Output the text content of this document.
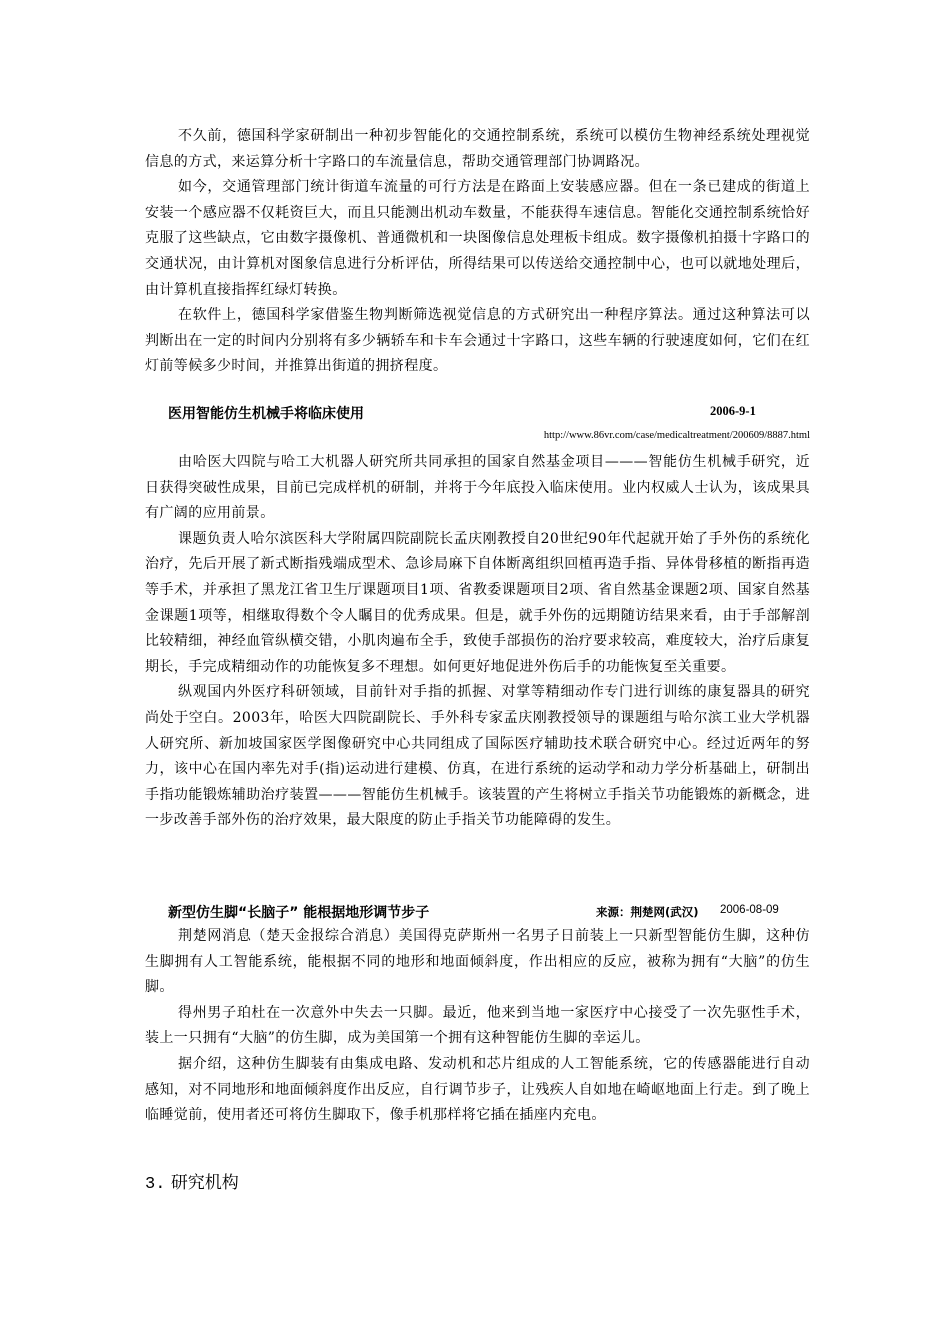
不久前，德国科学家研制出一种初步智能化的交通控制系统，系统可以模仿生物神经系统处理视觉信息的方式，来运算分析十字路口的车流量信息，帮助交通管理部门协调路况。

如今，交通管理部门统计街道车流量的可行方法是在路面上安装感应器。但在一条已建成的街道上安装一个感应器不仅耗资巨大，而且只能测出机动车数量，不能获得车速信息。智能化交通控制系统恰好克服了这些缺点，它由数字摄像机、普通微机和一块图像信息处理板卡组成。数字摄像机拍摄十字路口的交通状况，由计算机对图象信息进行分析评估，所得结果可以传送给交通控制中心，也可以就地处理后，由计算机直接指挥红绿灯转换。

在软件上，德国科学家借鉴生物判断筛选视觉信息的方式研究出一种程序算法。通过这种算法可以判断出在一定的时间内分别将有多少辆轿车和卡车会通过十字路口，这些车辆的行驶速度如何，它们在红灯前等候多少时间，并推算出街道的拥挤程度。

医用智能仿生机械手将临床使用	2006-9-1
http://www.86vr.com/case/medicaltreatment/200609/8887.html

由哈医大四院与哈工大机器人研究所共同承担的国家自然基金项目———智能仿生机械手研究，近日获得突破性成果，目前已完成样机的研制，并将于今年底投入临床使用。业内权威人士认为，该成果具有广阔的应用前景。

课题负责人哈尔滨医科大学附属四院副院长孟庆刚教授自20世纪90年代起就开始了手外伤的系统化治疗，先后开展了新式断指残端成型术、急诊局麻下自体断离组织回植再造手指、异体骨移植的断指再造等手术，并承担了黑龙江省卫生厅课题项目1项、省教委课题项目2项、省自然基金课题2项、国家自然基金课题1项等，相继取得数个令人瞩目的优秀成果。但是，就手外伤的远期随访结果来看，由于手部解剖比较精细，神经血管纵横交错，小肌肉遍布全手，致使手部损伤的治疗要求较高，难度较大，治疗后康复期长，手完成精细动作的功能恢复多不理想。如何更好地促进外伤后手的功能恢复至关重要。

纵观国内外医疗科研领域，目前针对手指的抓握、对掌等精细动作专门进行训练的康复器具的研究尚处于空白。2003年，哈医大四院副院长、手外科专家孟庆刚教授领导的课题组与哈尔滨工业大学机器人研究所、新加坡国家医学图像研究中心共同组成了国际医疗辅助技术联合研究中心。经过近两年的努力，该中心在国内率先对手(指)运动进行建模、仿真，在进行系统的运动学和动力学分析基础上，研制出手指功能锻炼辅助治疗装置———智能仿生机械手。该装置的产生将树立手指关节功能锻炼的新概念，进一步改善手部外伤的治疗效果，最大限度的防止手指关节功能障碍的发生。

新型仿生脚“长脑子” 能根据地形调节步子	来源：荆楚网(武汉) 2006-08-09

荆楚网消息（楚天金报综合消息）美国得克萨斯州一名男子日前装上一只新型智能仿生脚，这种仿生脚拥有人工智能系统，能根据不同的地形和地面倾斜度，作出相应的反应，被称为拥有“大脑”的仿生脚。

得州男子珀杜在一次意外中失去一只脚。最近，他来到当地一家医疗中心接受了一次先驱性手术，装上一只拥有“大脑”的仿生脚，成为美国第一个拥有这种智能仿生脚的幸运儿。

据介绍，这种仿生脚装有由集成电路、发动机和芯片组成的人工智能系统，它的传感器能进行自动感知，对不同地形和地面倾斜度作出反应，自行调节步子，让残疾人自如地在崎岖地面上行走。到了晚上临睡觉前，使用者还可将仿生脚取下，像手机那样将它插在插座内充电。

3. 研究机构
